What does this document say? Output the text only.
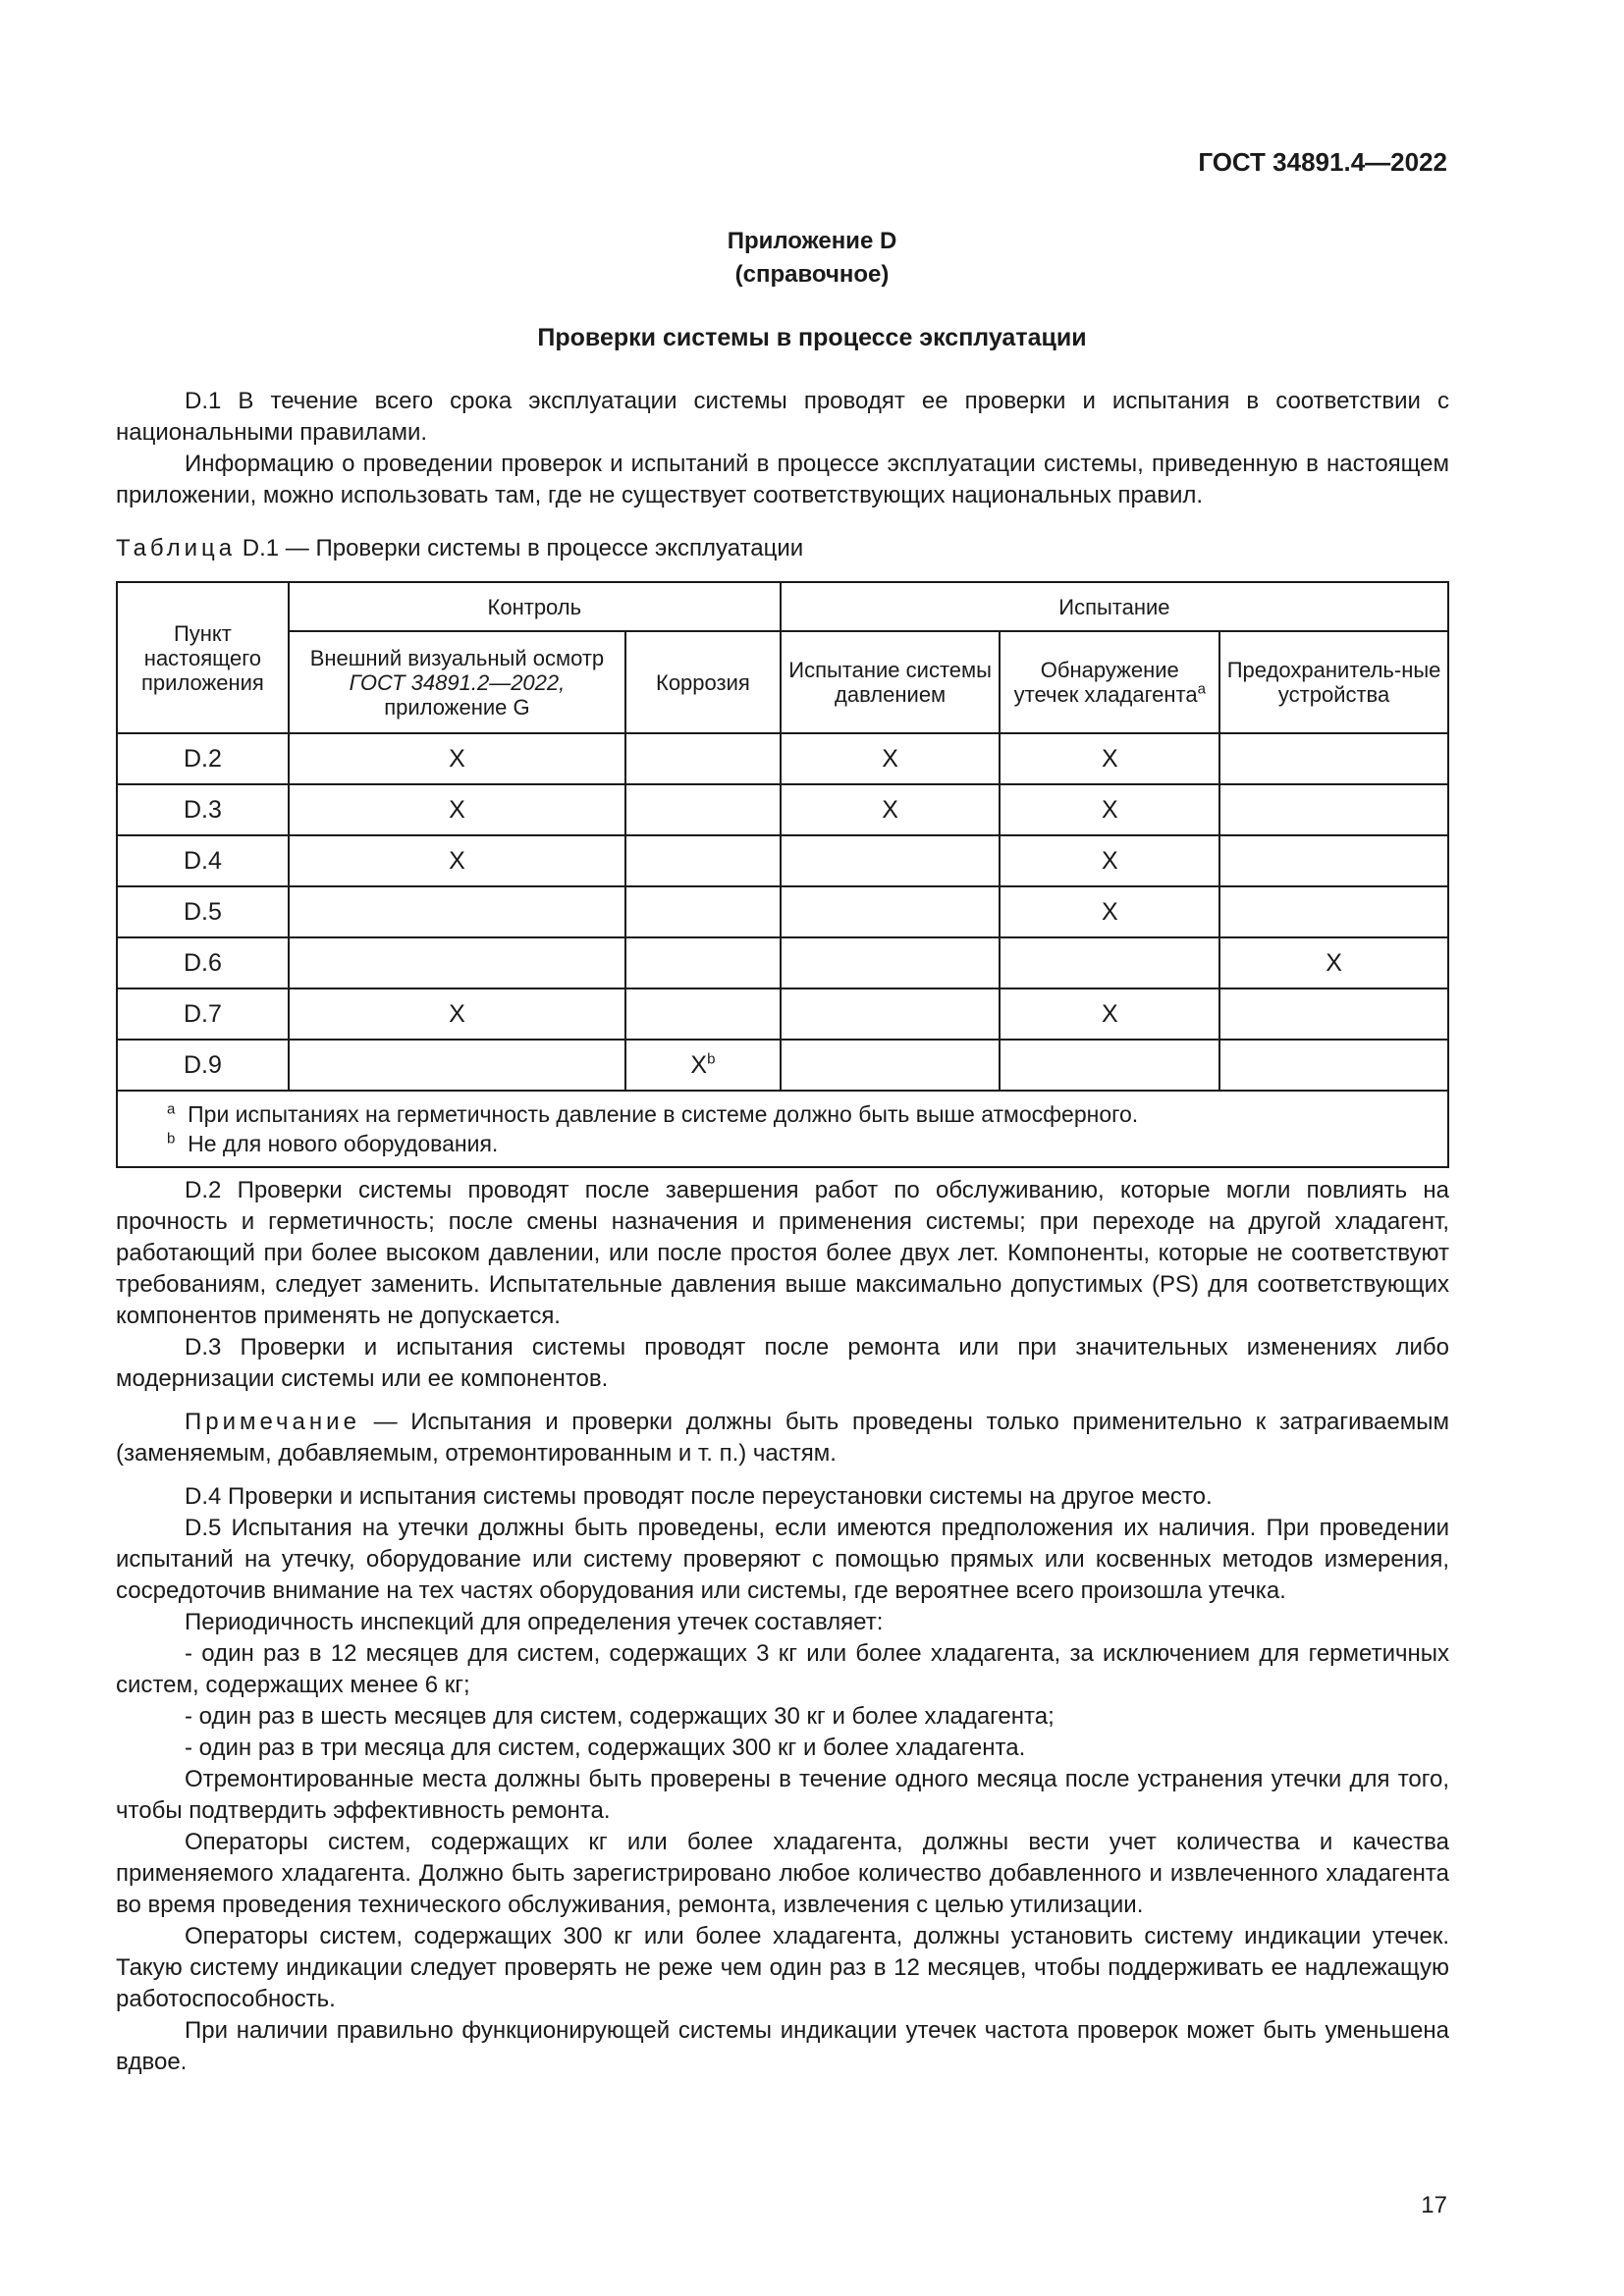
ГОСТ 34891.4—2022
Приложение D
(справочное)
Проверки системы в процессе эксплуатации

D.1 В течение всего срока эксплуатации системы проводят ее проверки и испытания в соответствии с национальными правилами.

Информацию о проведении проверок и испытаний в процессе эксплуатации системы, приведенную в настоящем приложении, можно использовать там, где не существует соответствующих национальных правил.

Таблица D.1 — Проверки системы в процессе эксплуатации
Пункт настоящего приложения	Контроль		Испытание		
	Внешний визуальный осмотр ГОСТ 34891.2—2022, приложение G	Коррозия	Испытание системы давлением	Обнаружение утечек хладагента$^a$	Предохранитель-ные устройства
D.2	X		X	X	
D.3	X		X	X	
D.4	X			X	
D.5				X	
D.6					X
D.7	X			X	
D.9		$X^b$			

$^a$ При испытаниях на герметичность давление в системе должно быть выше атмосферного.
$^b$ Не для нового оборудования.					

D.2 Проверки системы проводят после завершения работ по обслуживанию, которые могли повлиять на прочность и герметичность; после смены назначения и применения системы; при переходе на другой хладагент, работающий при более высоком давлении, или после простоя более двух лет. Компоненты, которые не соответствуют требованиям, следует заменить. Испытательные давления выше максимально допустимых (PS) для соответствующих компонентов применять не допускается.

D.3 Проверки и испытания системы проводят после ремонта или при значительных изменениях либо модернизации системы или ее компонентов.

Примечание — Испытания и проверки должны быть проведены только применительно к затрагиваемым (заменяемым, добавляемым, отремонтированным и т. п.) частям.

D.4 Проверки и испытания системы проводят после переустановки системы на другое место.

D.5 Испытания на утечки должны быть проведены, если имеются предположения их наличия. При проведении испытаний на утечку, оборудование или систему проверяют с помощью прямых или косвенных методов измерения, сосредоточив внимание на тех частях оборудования или системы, где вероятнее всего произошла утечка.

Периодичность инспекций для определения утечек составляет:

- один раз в 12 месяцев для систем, содержащих 3 кг или более хладагента, за исключением для герметичных систем, содержащих менее 6 кг;

- один раз в шесть месяцев для систем, содержащих 30 кг и более хладагента;

- один раз в три месяца для систем, содержащих 300 кг и более хладагента.

Отремонтированные места должны быть проверены в течение одного месяца после устранения утечки для того, чтобы подтвердить эффективность ремонта.

Операторы систем, содержащих кг или более хладагента, должны вести учет количества и качества применяемого хладагента. Должно быть зарегистрировано любое количество добавленного и извлеченного хладагента во время проведения технического обслуживания, ремонта, извлечения с целью утилизации.

Операторы систем, содержащих 300 кг или более хладагента, должны установить систему индикации утечек. Такую систему индикации следует проверять не реже чем один раз в 12 месяцев, чтобы поддерживать ее надлежащую работоспособность.

При наличии правильно функционирующей системы индикации утечек частота проверок может быть уменьшена вдвое.

17
